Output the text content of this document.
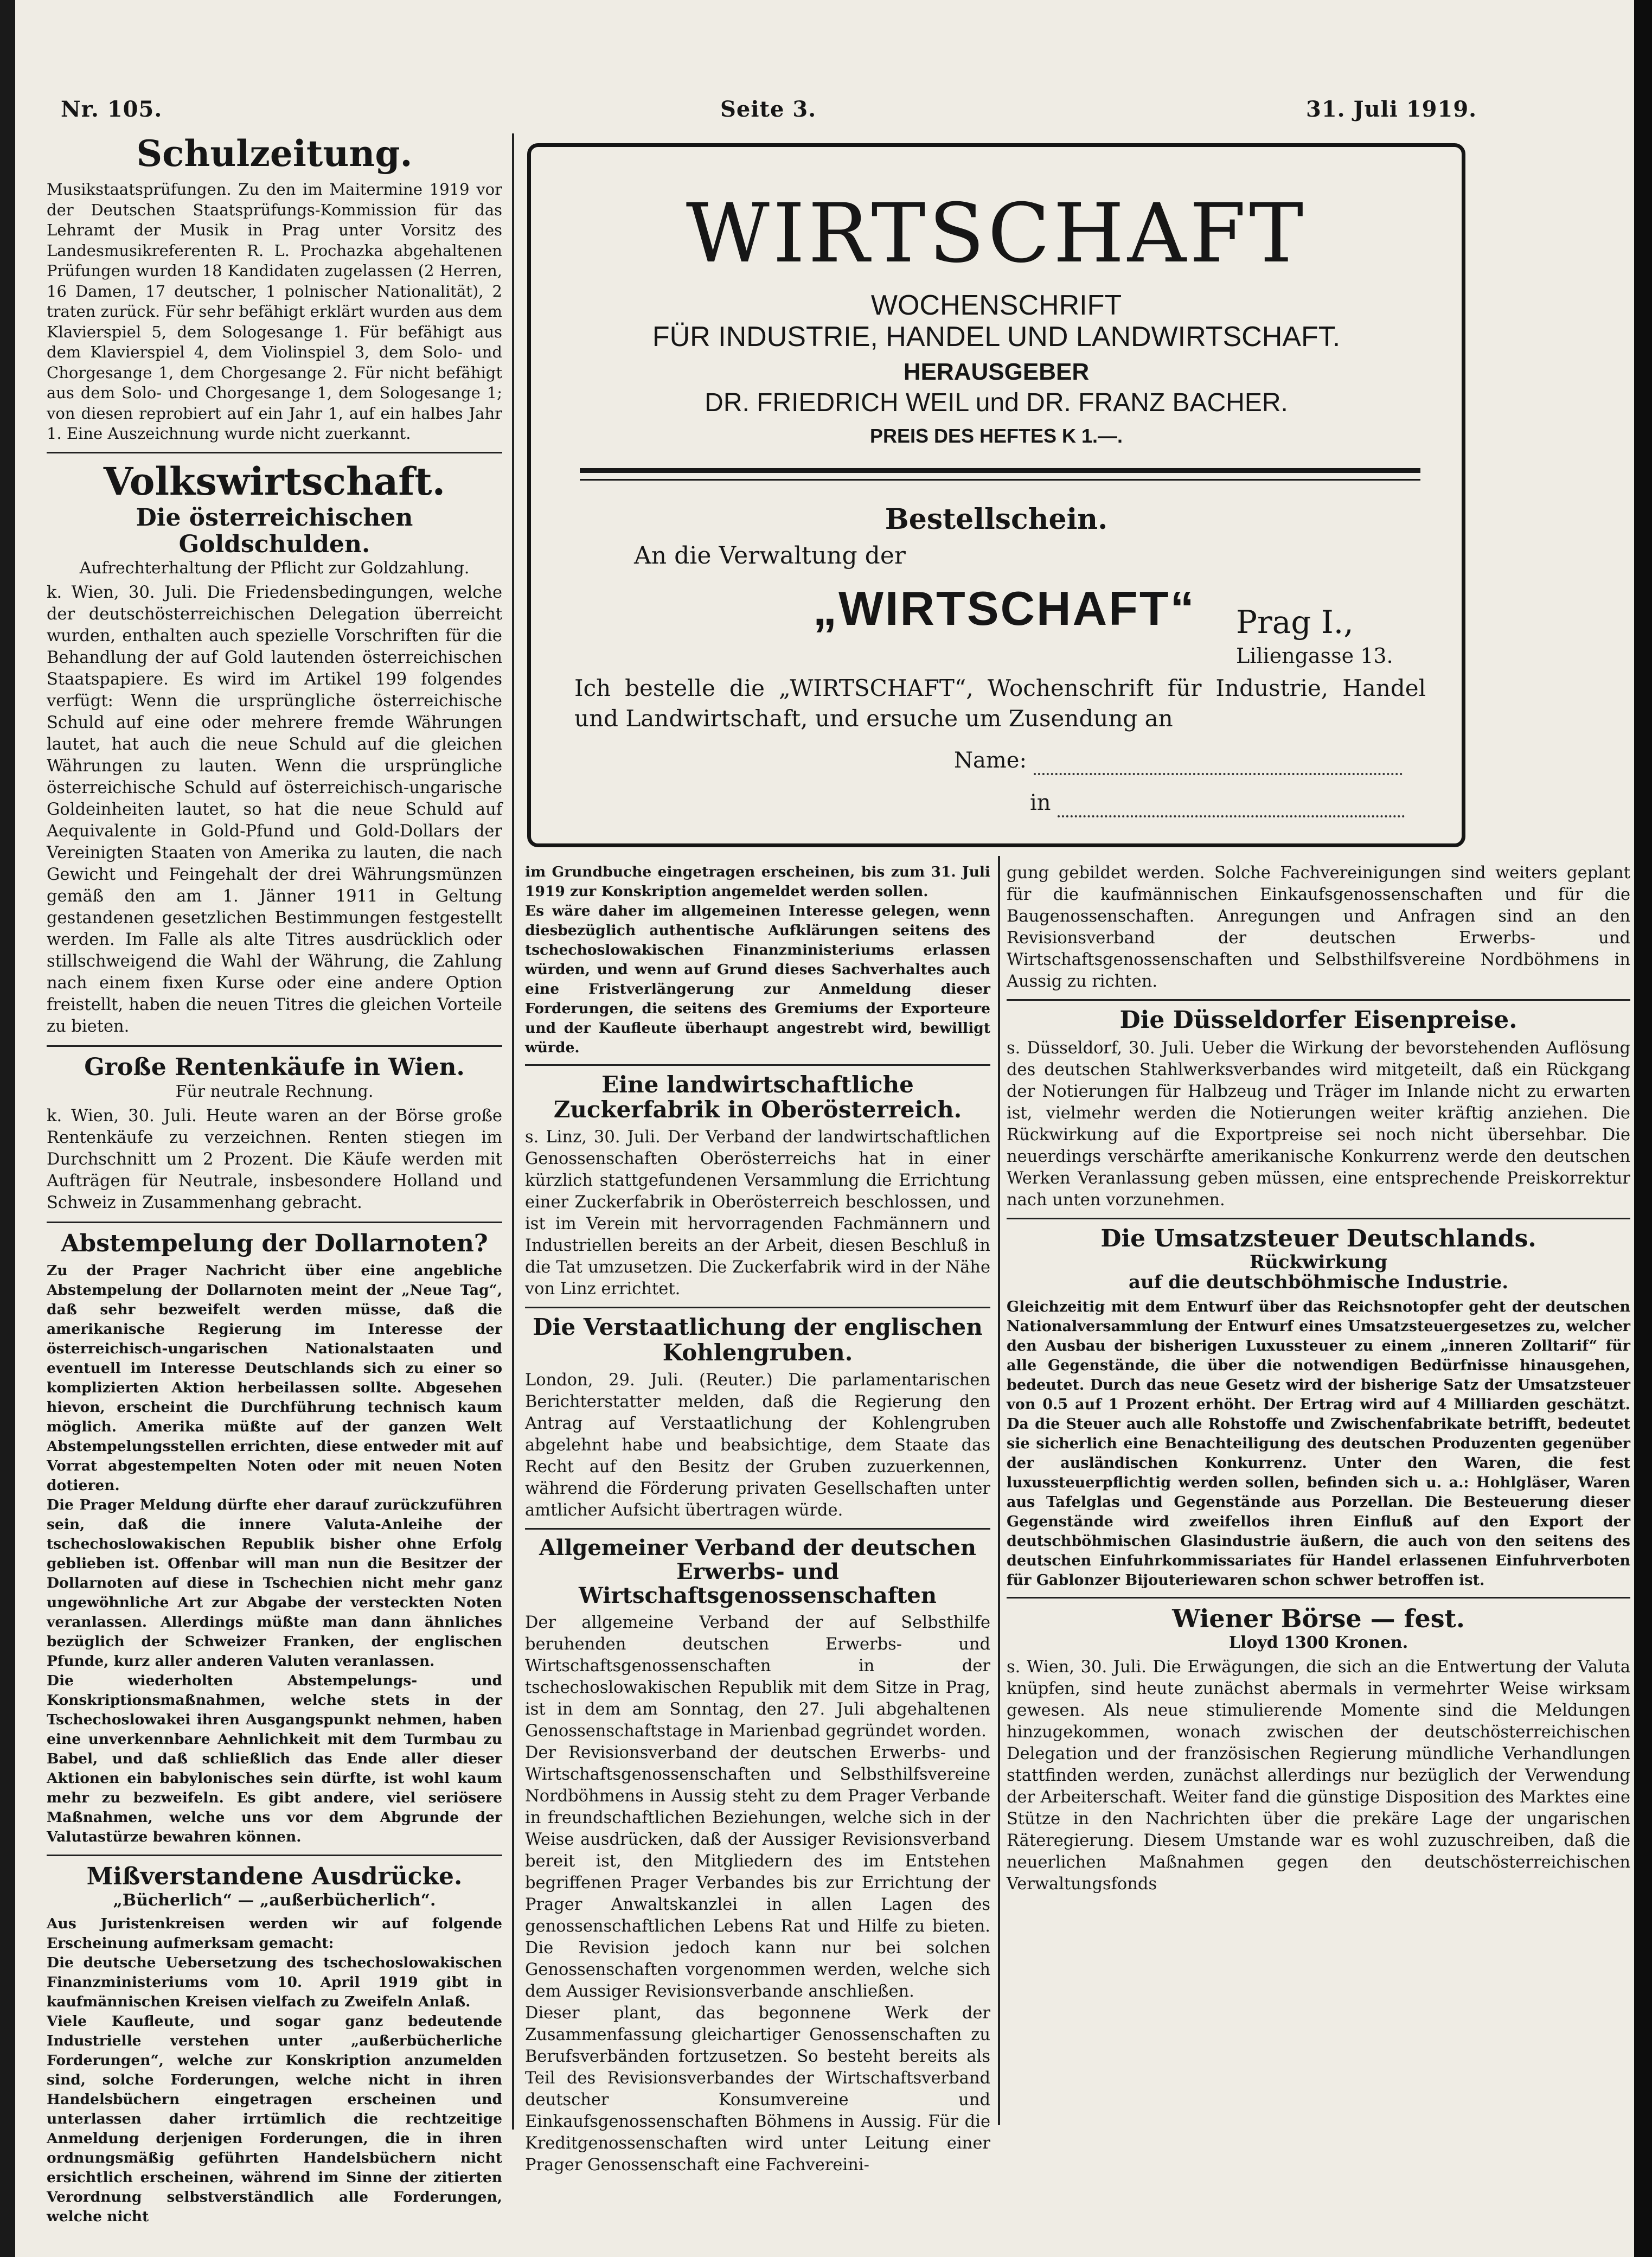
Nr. 105.	Seite 3.	31. Juli 1919.
Schulzeitung.

Musikstaatsprüfungen. Zu den im Maitermine 1919 vor der Deutschen Staatsprüfungs-Kommission für das Lehramt der Musik in Prag unter Vorsitz des Landesmusikreferenten R. L. Prochazka abgehaltenen Prüfungen wurden 18 Kandidaten zugelassen (2 Herren, 16 Damen, 17 deutscher, 1 polnischer Nationalität), 2 traten zurück. Für sehr befähigt erklärt wurden aus dem Klavierspiel 5, dem Sologesange 1. Für befähigt aus dem Klavierspiel 4, dem Violinspiel 3, dem Solo- und Chorgesange 1, dem Chorgesange 2. Für nicht befähigt aus dem Solo- und Chorgesange 1, dem Sologesange 1; von diesen reprobiert auf ein Jahr 1, auf ein halbes Jahr 1. Eine Auszeichnung wurde nicht zuerkannt.

Volkswirtschaft.
Die österreichischen Goldschulden.
Aufrechterhaltung der Pflicht zur Goldzahlung.

k. Wien, 30. Juli. Die Friedensbedingungen, welche der deutschösterreichischen Delegation überreicht wurden, enthalten auch spezielle Vorschriften für die Behandlung der auf Gold lautenden österreichischen Staatspapiere. Es wird im Artikel 199 folgendes verfügt: Wenn die ursprüngliche österreichische Schuld auf eine oder mehrere fremde Währungen lautet, hat auch die neue Schuld auf die gleichen Währungen zu lauten. Wenn die ursprüngliche österreichische Schuld auf österreichisch-ungarische Goldeinheiten lautet, so hat die neue Schuld auf Aequivalente in Gold-Pfund und Gold-Dollars der Vereinigten Staaten von Amerika zu lauten, die nach Gewicht und Feingehalt der drei Währungsmünzen gemäß den am 1. Jänner 1911 in Geltung gestandenen gesetzlichen Bestimmungen festgestellt werden. Im Falle als alte Titres ausdrücklich oder stillschweigend die Wahl der Währung, die Zahlung nach einem fixen Kurse oder eine andere Option freistellt, haben die neuen Titres die gleichen Vorteile zu bieten.

Große Rentenkäufe in Wien.
Für neutrale Rechnung.

k. Wien, 30. Juli. Heute waren an der Börse große Rentenkäufe zu verzeichnen. Renten stiegen im Durchschnitt um 2 Prozent. Die Käufe werden mit Aufträgen für Neutrale, insbesondere Holland und Schweiz in Zusammenhang gebracht.

Abstempelung der Dollarnoten?

Zu der Prager Nachricht über eine angebliche Abstempelung der Dollarnoten meint der „Neue Tag“, daß sehr bezweifelt werden müsse, daß die amerikanische Regierung im Interesse der österreichisch-ungarischen Nationalstaaten und eventuell im Interesse Deutschlands sich zu einer so komplizierten Aktion herbeilassen sollte. Abgesehen hievon, erscheint die Durchführung technisch kaum möglich. Amerika müßte auf der ganzen Welt Abstempelungsstellen errichten, diese entweder mit auf Vorrat abgestempelten Noten oder mit neuen Noten dotieren.

Die Prager Meldung dürfte eher darauf zurückzuführen sein, daß die innere Valuta-Anleihe der tschechoslowakischen Republik bisher ohne Erfolg geblieben ist. Offenbar will man nun die Besitzer der Dollarnoten auf diese in Tschechien nicht mehr ganz ungewöhnliche Art zur Abgabe der versteckten Noten veranlassen. Allerdings müßte man dann ähnliches bezüglich der Schweizer Franken, der englischen Pfunde, kurz aller anderen Valuten veranlassen.

Die wiederholten Abstempelungs- und Konskriptionsmaßnahmen, welche stets in der Tschechoslowakei ihren Ausgangspunkt nehmen, haben eine unverkennbare Aehnlichkeit mit dem Turmbau zu Babel, und daß schließlich das Ende aller dieser Aktionen ein babylonisches sein dürfte, ist wohl kaum mehr zu bezweifeln. Es gibt andere, viel seriösere Maßnahmen, welche uns vor dem Abgrunde der Valutastürze bewahren können.

Mißverstandene Ausdrücke.
„Bücherlich“ — „außerbücherlich“.

Aus Juristenkreisen werden wir auf folgende Erscheinung aufmerksam gemacht:

Die deutsche Uebersetzung des tschechoslowakischen Finanzministeriums vom 10. April 1919 gibt in kaufmännischen Kreisen vielfach zu Zweifeln Anlaß.

Viele Kaufleute, und sogar ganz bedeutende Industrielle verstehen unter „außerbücherliche Forderungen“, welche zur Konskription anzumelden sind, solche Forderungen, welche nicht in ihren Handelsbüchern eingetragen erscheinen und unterlassen daher irrtümlich die rechtzeitige Anmeldung derjenigen Forderungen, die in ihren ordnungsmäßig geführten Handelsbüchern nicht ersichtlich erscheinen, während im Sinne der zitierten Verordnung selbstverständlich alle Forderungen, welche nicht

WIRTSCHAFT
WOCHENSCHRIFT
FÜR INDUSTRIE, HANDEL UND LANDWIRTSCHAFT.
HERAUSGEBER
DR. FRIEDRICH WEIL und DR. FRANZ BACHER.
PREIS DES HEFTES K 1.—.
Bestellschein.
An die Verwaltung der
„WIRTSCHAFT“ Prag I.,
Liliengasse 13.
Ich bestelle die „WIRTSCHAFT“, Wochenschrift für Industrie, Handel und Landwirtschaft, und ersuche um Zusendung an
Name:
in

im Grundbuche eingetragen erscheinen, bis zum 31. Juli 1919 zur Konskription angemeldet werden sollen.

Es wäre daher im allgemeinen Interesse gelegen, wenn diesbezüglich authentische Aufklärungen seitens des tschechoslowakischen Finanzministeriums erlassen würden, und wenn auf Grund dieses Sachverhaltes auch eine Fristverlängerung zur Anmeldung dieser Forderungen, die seitens des Gremiums der Exporteure und der Kaufleute überhaupt angestrebt wird, bewilligt würde.

Eine landwirtschaftliche Zuckerfabrik in Oberösterreich.

s. Linz, 30. Juli. Der Verband der landwirtschaftlichen Genossenschaften Oberösterreichs hat in einer kürzlich stattgefundenen Versammlung die Errichtung einer Zuckerfabrik in Oberösterreich beschlossen, und ist im Verein mit hervorragenden Fachmännern und Industriellen bereits an der Arbeit, diesen Beschluß in die Tat umzusetzen. Die Zuckerfabrik wird in der Nähe von Linz errichtet.

Die Verstaatlichung der englischen Kohlengruben.

London, 29. Juli. (Reuter.) Die parlamentarischen Berichterstatter melden, daß die Regierung den Antrag auf Verstaatlichung der Kohlengruben abgelehnt habe und beabsichtige, dem Staate das Recht auf den Besitz der Gruben zuzuerkennen, während die Förderung privaten Gesellschaften unter amtlicher Aufsicht übertragen würde.

Allgemeiner Verband der deutschen Erwerbs- und Wirtschaftsgenossenschaften

Der allgemeine Verband der auf Selbsthilfe beruhenden deutschen Erwerbs- und Wirtschaftsgenossenschaften in der tschechoslowakischen Republik mit dem Sitze in Prag, ist in dem am Sonntag, den 27. Juli abgehaltenen Genossenschaftstage in Marienbad gegründet worden.

Der Revisionsverband der deutschen Erwerbs- und Wirtschaftsgenossenschaften und Selbsthilfsvereine Nordböhmens in Aussig steht zu dem Prager Verbande in freundschaftlichen Beziehungen, welche sich in der Weise ausdrücken, daß der Aussiger Revisionsverband bereit ist, den Mitgliedern des im Entstehen begriffenen Prager Verbandes bis zur Errichtung der Prager Anwaltskanzlei in allen Lagen des genossenschaftlichen Lebens Rat und Hilfe zu bieten. Die Revision jedoch kann nur bei solchen Genossenschaften vorgenommen werden, welche sich dem Aussiger Revisionsverbande anschließen.

Dieser plant, das begonnene Werk der Zusammenfassung gleichartiger Genossenschaften zu Berufsverbänden fortzusetzen. So besteht bereits als Teil des Revisionsverbandes der Wirtschaftsverband deutscher Konsumvereine und Einkaufsgenossenschaften Böhmens in Aussig. Für die Kreditgenossenschaften wird unter Leitung einer Prager Genossenschaft eine Fachvereini-

gung gebildet werden. Solche Fachvereinigungen sind weiters geplant für die kaufmännischen Einkaufsgenossenschaften und für die Baugenossenschaften. Anregungen und Anfragen sind an den Revisionsverband der deutschen Erwerbs- und Wirtschaftsgenossenschaften und Selbsthilfsvereine Nordböhmens in Aussig zu richten.

Die Düsseldorfer Eisenpreise.

s. Düsseldorf, 30. Juli. Ueber die Wirkung der bevorstehenden Auflösung des deutschen Stahlwerksverbandes wird mitgeteilt, daß ein Rückgang der Notierungen für Halbzeug und Träger im Inlande nicht zu erwarten ist, vielmehr werden die Notierungen weiter kräftig anziehen. Die Rückwirkung auf die Exportpreise sei noch nicht übersehbar. Die neuerdings verschärfte amerikanische Konkurrenz werde den deutschen Werken Veranlassung geben müssen, eine entsprechende Preiskorrektur nach unten vorzunehmen.

Die Umsatzsteuer Deutschlands.
Rückwirkung
auf die deutschböhmische Industrie.

Gleichzeitig mit dem Entwurf über das Reichsnotopfer geht der deutschen Nationalversammlung der Entwurf eines Umsatzsteuergesetzes zu, welcher den Ausbau der bisherigen Luxussteuer zu einem „inneren Zolltarif“ für alle Gegenstände, die über die notwendigen Bedürfnisse hinausgehen, bedeutet. Durch das neue Gesetz wird der bisherige Satz der Umsatzsteuer von 0.5 auf 1 Prozent erhöht. Der Ertrag wird auf 4 Milliarden geschätzt. Da die Steuer auch alle Rohstoffe und Zwischenfabrikate betrifft, bedeutet sie sicherlich eine Benachteiligung des deutschen Produzenten gegenüber der ausländischen Konkurrenz. Unter den Waren, die fest luxussteuerpflichtig werden sollen, befinden sich u. a.: Hohlgläser, Waren aus Tafelglas und Gegenstände aus Porzellan. Die Besteuerung dieser Gegenstände wird zweifellos ihren Einfluß auf den Export der deutschböhmischen Glasindustrie äußern, die auch von den seitens des deutschen Einfuhrkommissariates für Handel erlassenen Einfuhrverboten für Gablonzer Bijouteriewaren schon schwer betroffen ist.

Wiener Börse — fest.
Lloyd 1300 Kronen.

s. Wien, 30. Juli. Die Erwägungen, die sich an die Entwertung der Valuta knüpfen, sind heute zunächst abermals in vermehrter Weise wirksam gewesen. Als neue stimulierende Momente sind die Meldungen hinzugekommen, wonach zwischen der deutschösterreichischen Delegation und der französischen Regierung mündliche Verhandlungen stattfinden werden, zunächst allerdings nur bezüglich der Verwendung der Arbeiterschaft. Weiter fand die günstige Disposition des Marktes eine Stütze in den Nachrichten über die prekäre Lage der ungarischen Räteregierung. Diesem Umstande war es wohl zuzuschreiben, daß die neuerlichen Maßnahmen gegen den deutschösterreichischen Verwaltungsfonds
